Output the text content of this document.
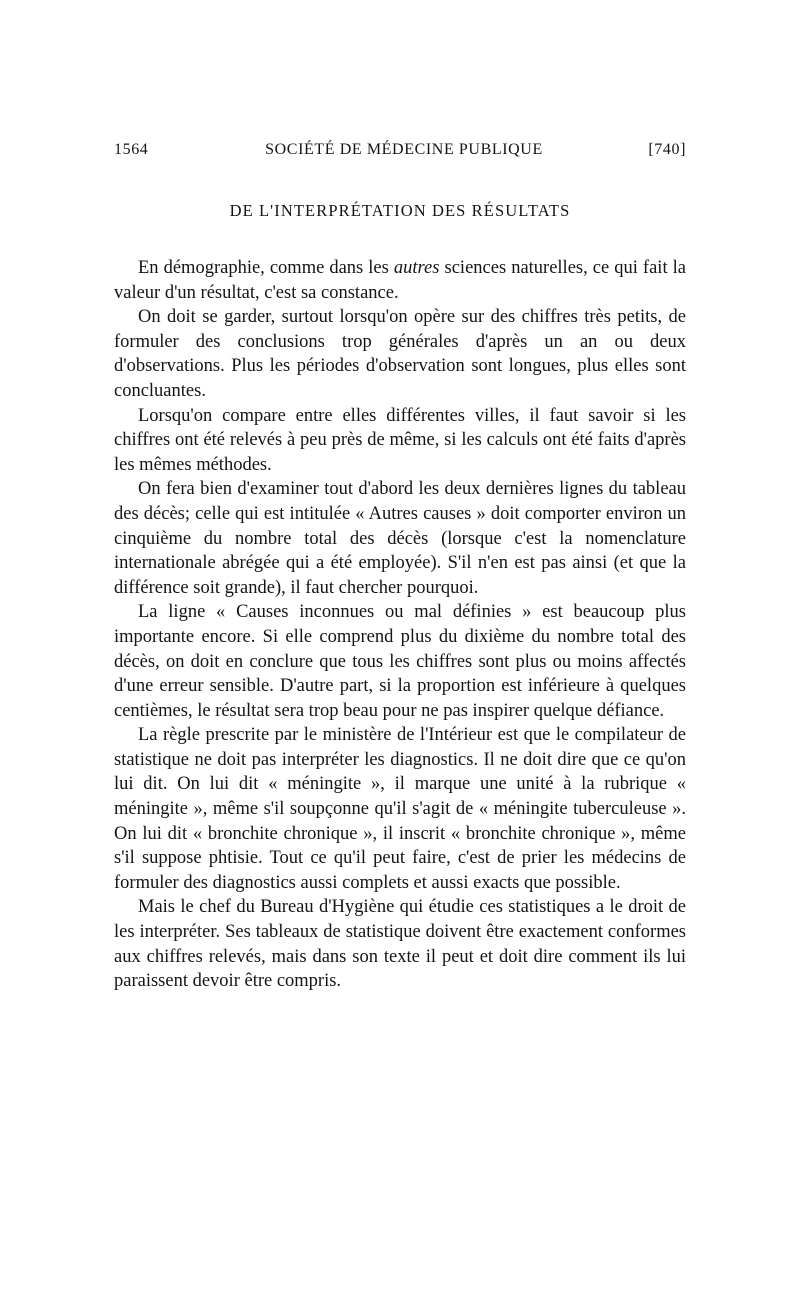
1564	SOCIÉTÉ DE MÉDECINE PUBLIQUE	[740]
DE L'INTERPRÉTATION DES RÉSULTATS

En démographie, comme dans les autres sciences naturelles, ce qui fait la valeur d'un résultat, c'est sa constance.

On doit se garder, surtout lorsqu'on opère sur des chiffres très petits, de formuler des conclusions trop générales d'après un an ou deux d'observations. Plus les périodes d'observation sont longues, plus elles sont concluantes.

Lorsqu'on compare entre elles différentes villes, il faut savoir si les chiffres ont été relevés à peu près de même, si les calculs ont été faits d'après les mêmes méthodes.

On fera bien d'examiner tout d'abord les deux dernières lignes du tableau des décès; celle qui est intitulée « Autres causes » doit comporter environ un cinquième du nombre total des décès (lorsque c'est la nomenclature internationale abrégée qui a été employée). S'il n'en est pas ainsi (et que la différence soit grande), il faut chercher pourquoi.

La ligne « Causes inconnues ou mal définies » est beaucoup plus importante encore. Si elle comprend plus du dixième du nombre total des décès, on doit en conclure que tous les chiffres sont plus ou moins affectés d'une erreur sensible. D'autre part, si la proportion est inférieure à quelques centièmes, le résultat sera trop beau pour ne pas inspirer quelque défiance.

La règle prescrite par le ministère de l'Intérieur est que le compilateur de statistique ne doit pas interpréter les diagnostics. Il ne doit dire que ce qu'on lui dit. On lui dit « méningite », il marque une unité à la rubrique « méningite », même s'il soupçonne qu'il s'agit de « méningite tuberculeuse ». On lui dit « bronchite chronique », il inscrit « bronchite chronique », même s'il suppose phtisie. Tout ce qu'il peut faire, c'est de prier les médecins de formuler des diagnostics aussi complets et aussi exacts que possible.

Mais le chef du Bureau d'Hygiène qui étudie ces statistiques a le droit de les interpréter. Ses tableaux de statistique doivent être exactement conformes aux chiffres relevés, mais dans son texte il peut et doit dire comment ils lui paraissent devoir être compris.
